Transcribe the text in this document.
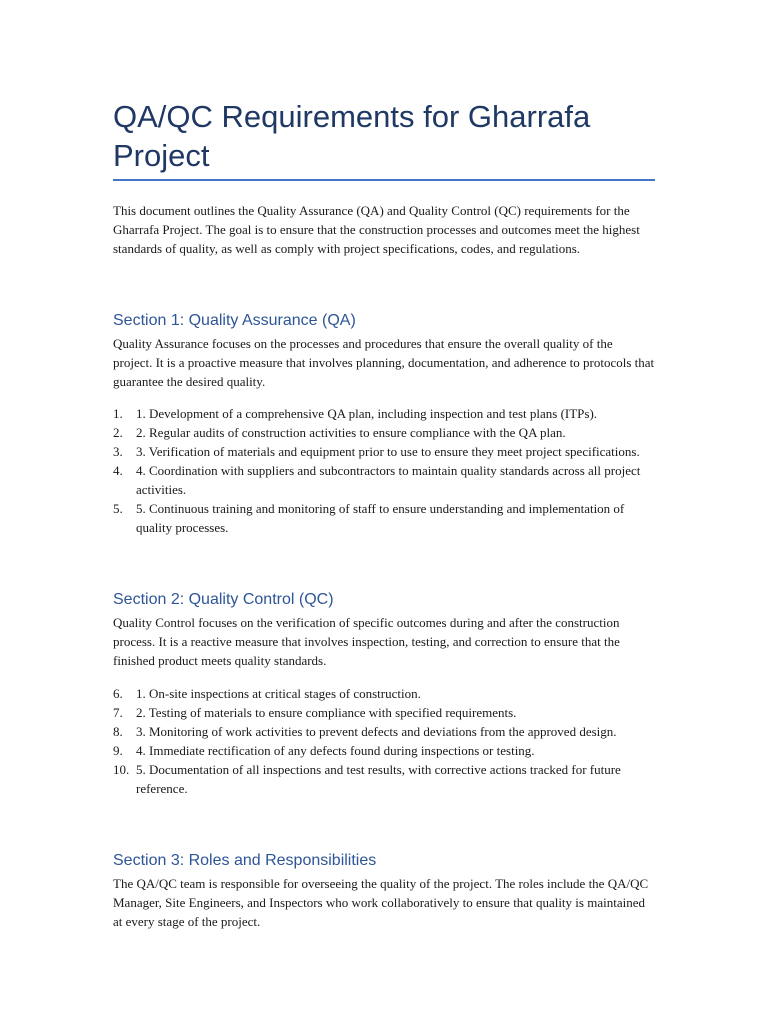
QA/QC Requirements for Gharrafa Project

This document outlines the Quality Assurance (QA) and Quality Control (QC) requirements for the Gharrafa Project. The goal is to ensure that the construction processes and outcomes meet the highest standards of quality, as well as comply with project specifications, codes, and regulations.

Section 1: Quality Assurance (QA)

Quality Assurance focuses on the processes and procedures that ensure the overall quality of the project. It is a proactive measure that involves planning, documentation, and adherence to protocols that guarantee the desired quality.

1. 1. Development of a comprehensive QA plan, including inspection and test plans (ITPs).
2. 2. Regular audits of construction activities to ensure compliance with the QA plan.
3. 3. Verification of materials and equipment prior to use to ensure they meet project specifications.
4. 4. Coordination with suppliers and subcontractors to maintain quality standards across all project activities.
5. 5. Continuous training and monitoring of staff to ensure understanding and implementation of quality processes.
Section 2: Quality Control (QC)

Quality Control focuses on the verification of specific outcomes during and after the construction process. It is a reactive measure that involves inspection, testing, and correction to ensure that the finished product meets quality standards.

6. 1. On-site inspections at critical stages of construction.
7. 2. Testing of materials to ensure compliance with specified requirements.
8. 3. Monitoring of work activities to prevent defects and deviations from the approved design.
9. 4. Immediate rectification of any defects found during inspections or testing.
10. 5. Documentation of all inspections and test results, with corrective actions tracked for future reference.
Section 3: Roles and Responsibilities

The QA/QC team is responsible for overseeing the quality of the project. The roles include the QA/QC Manager, Site Engineers, and Inspectors who work collaboratively to ensure that quality is maintained at every stage of the project.
